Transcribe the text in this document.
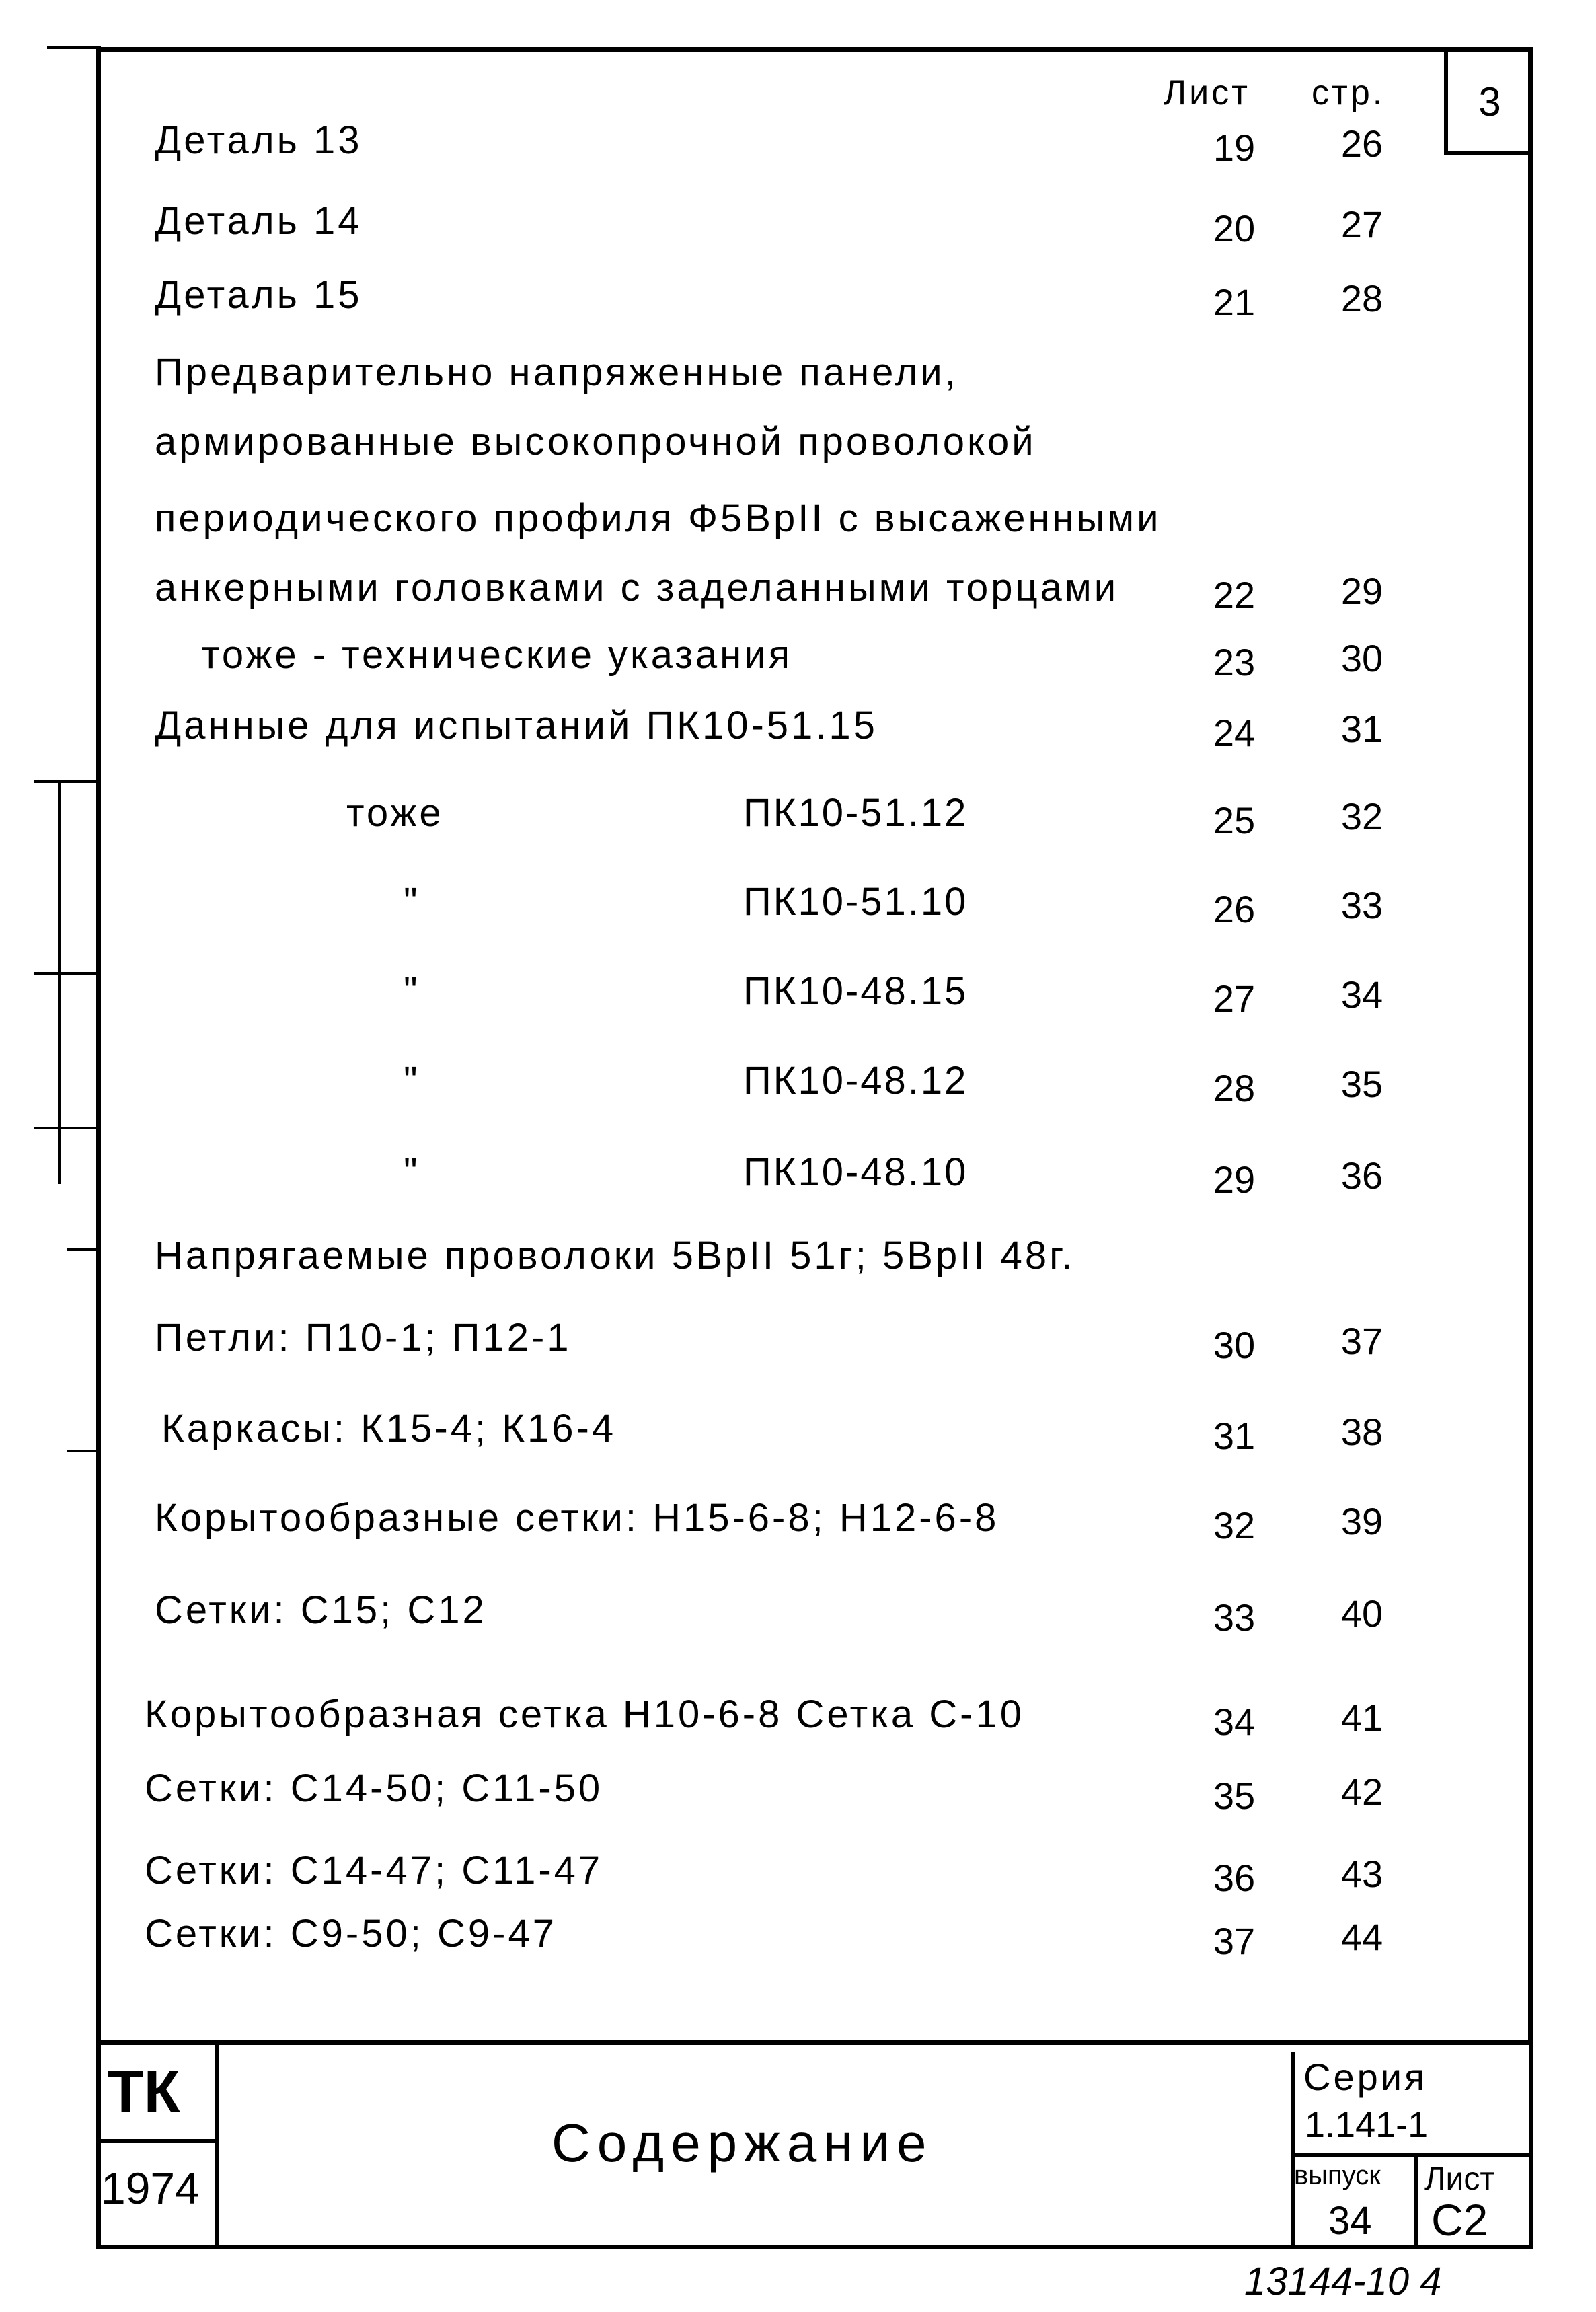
Лист стр.	3
Деталь 13	19	26
Деталь 14	20	27
Деталь 15	21	28
Предварительно напряженные панели,
армированные высокопрочной проволокой
периодического профиля Ф5ВрII с высаженными
анкерными головками с заделанными торцами	22	29
тоже - технические указания	23	30
Данные для испытаний ПК10-51.15	24	31
тоже	ПК10-51.12	25	32
"	ПК10-51.10	26	33
"	ПК10-48.15	27	34
"	ПК10-48.12	28	35
"	ПК10-48.10	29	36
Напрягаемые проволоки 5ВрII 51г; 5ВрII 48г.
Петли: П10-1; П12-1	30	37
Каркасы: К15-4; К16-4	31	38
Корытообразные сетки: Н15-6-8; Н12-6-8	32	39
Сетки: С15; С12	33	40
Корытообразная сетка Н10-6-8 Сетка С-10	34	41
Сетки: С14-50; С11-50	35	42
Сетки: С14-47; С11-47	36	43
Сетки: С9-50; С9-47	37	44
ТК
1974
Содержание
Серия
1.141-1
выпуск
34
Лист
С2
13144-10 4
